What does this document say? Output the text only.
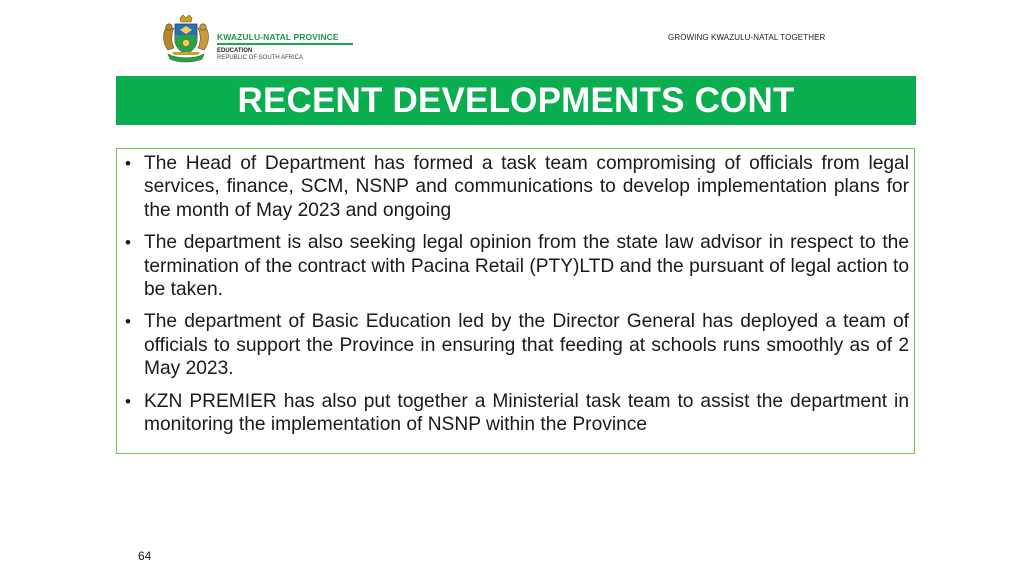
KWAZULU-NATAL PROVINCE
EDUCATION
REPUBLIC OF SOUTH AFRICA
GROWING KWAZULU-NATAL TOGETHER
RECENT DEVELOPMENTS CONT
• The Head of Department has formed a task team compromising of officials from legal services, finance, SCM, NSNP and communications to develop implementation plans for the month of May 2023 and ongoing
• The department is also seeking legal opinion from the state law advisor in respect to the termination of the contract with Pacina Retail (PTY)LTD and the pursuant of legal action to be taken.
• The department of Basic Education led by the Director General has deployed a team of officials to support the Province in ensuring that feeding at schools runs smoothly as of 2 May 2023.
• KZN PREMIER has also put together a Ministerial task team to assist the department in monitoring the implementation of NSNP within the Province
64
